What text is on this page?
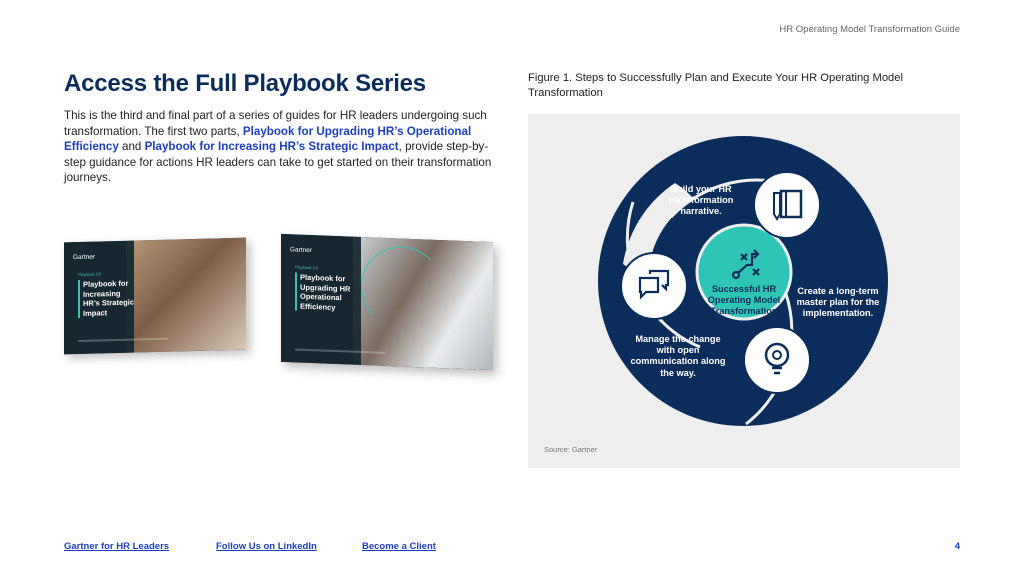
HR Operating Model Transformation Guide
Access the Full Playbook Series

This is the third and final part of a series of guides for HR leaders undergoing such transformation. The first two parts, Playbook for Upgrading HR’s Operational Efficiency and Playbook for Increasing HR’s Strategic Impact, provide step-by-step guidance for actions HR leaders can take to get started on their transformation journeys.

Gartner
Playbook 2/3
Playbook for Increasing HR’s Strategic Impact
Gartner
Playbook 1/3
Playbook for Upgrading HR Operational Efficiency
Figure 1. Steps to Successfully Plan and Execute Your HR Operating Model Transformation
Build your HR transformation narrative.
Create a long-term master plan for the implementation.
Manage the change with open communication along the way.
Successful HR Operating Model Transformation
Source: Gartner
Gartner for HR Leaders	Follow Us on LinkedIn	Become a Client	4
